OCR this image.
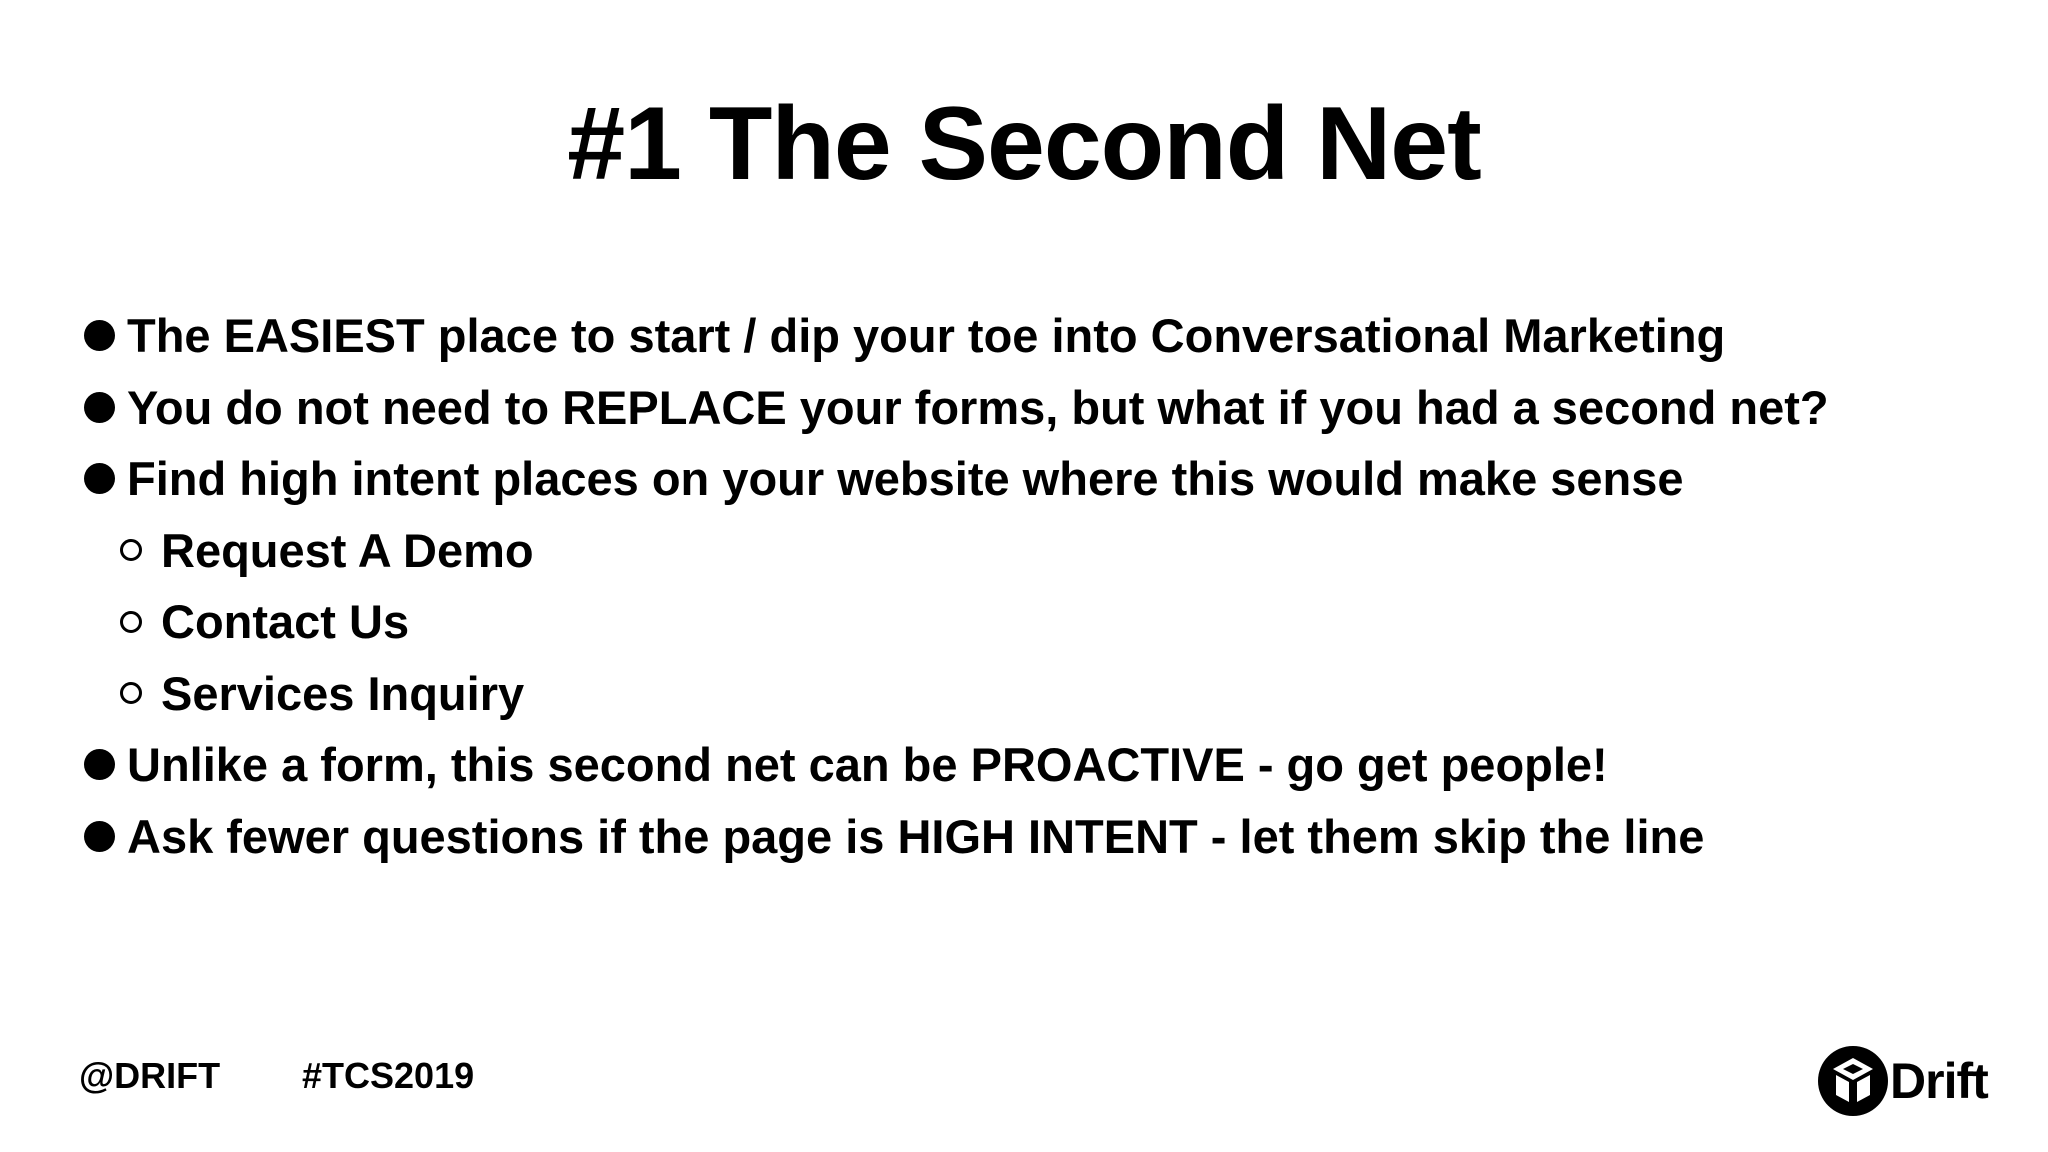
#1 The Second Net
The EASIEST place to start / dip your toe into Conversational Marketing
You do not need to REPLACE your forms, but what if you had a second net?
Find high intent places on your website where this would make sense
Request A Demo
Contact Us
Services Inquiry
Unlike a form, this second net can be PROACTIVE - go get people!
Ask fewer questions if the page is HIGH INTENT - let them skip the line
@DRIFT #TCS2019	Drift
